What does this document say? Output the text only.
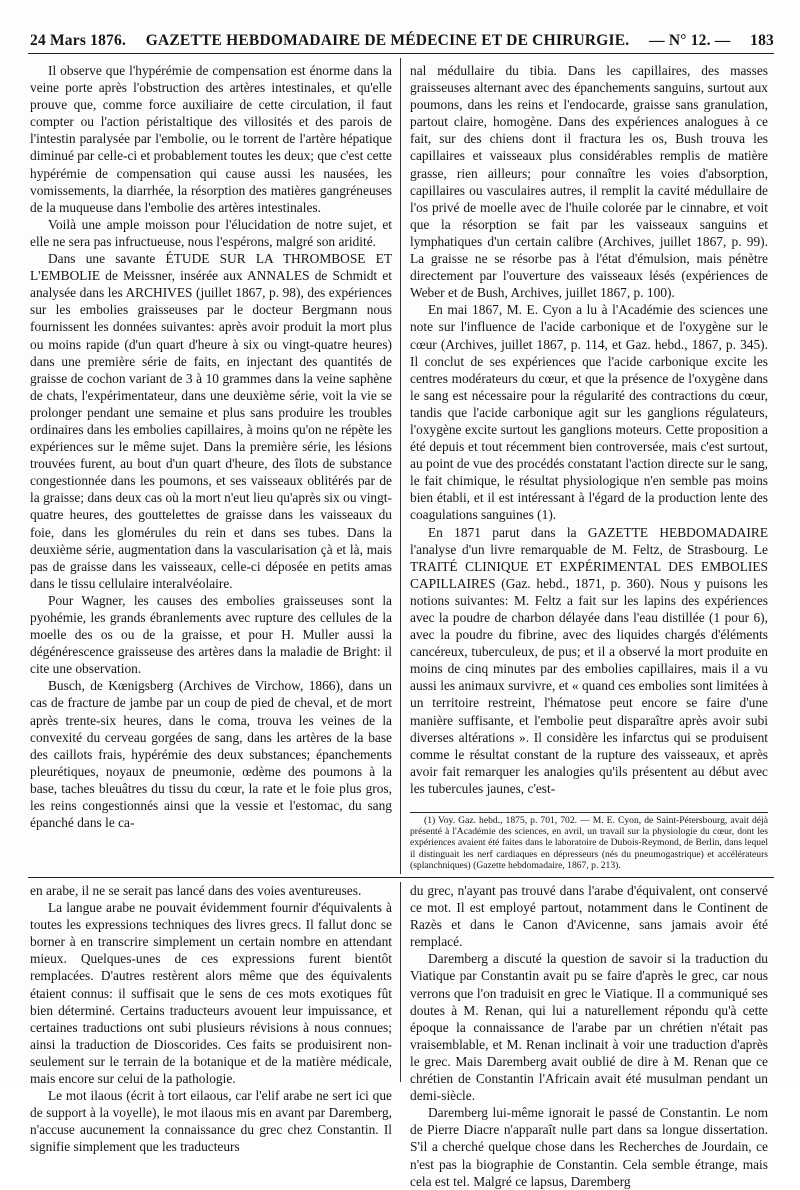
24 Mars 1876. GAZETTE HEBDOMADAIRE DE MÉDECINE ET DE CHIRURGIE. — N° 12. — 183

Il observe que l'hypérémie de compensation est énorme dans la veine porte après l'obstruction des artères intestinales, et qu'elle prouve que, comme force auxiliaire de cette circulation, il faut compter ou l'action péristaltique des villosités et des parois de l'intestin paralysée par l'embolie, ou le torrent de l'artère hépatique diminué par celle-ci et probablement toutes les deux; que c'est cette hypérémie de compensation qui cause aussi les nausées, les vomissements, la diarrhée, la résorption des matières gangréneuses de la muqueuse dans l'embolie des artères intestinales.

Voilà une ample moisson pour l'élucidation de notre sujet, et elle ne sera pas infructueuse, nous l'espérons, malgré son aridité.

Dans une savante ÉTUDE SUR LA THROMBOSE ET L'EMBOLIE de Meissner, insérée aux ANNALES de Schmidt et analysée dans les ARCHIVES (juillet 1867, p. 98), des expériences sur les embolies graisseuses par le docteur Bergmann nous fournissent les données suivantes: après avoir produit la mort plus ou moins rapide (d'un quart d'heure à six ou vingt-quatre heures) dans une première série de faits, en injectant des quantités de graisse de cochon variant de 3 à 10 grammes dans la veine saphène de chats, l'expérimentateur, dans une deuxième série, voit la vie se prolonger pendant une semaine et plus sans produire les troubles ordinaires dans les embolies capillaires, à moins qu'on ne répète les expériences sur le même sujet. Dans la première série, les lésions trouvées furent, au bout d'un quart d'heure, des îlots de substance congestionnée dans les poumons, et ses vaisseaux oblitérés par de la graisse; dans deux cas où la mort n'eut lieu qu'après six ou vingt-quatre heures, des gouttelettes de graisse dans les vaisseaux du foie, dans les glomérules du rein et dans ses tubes. Dans la deuxième série, augmentation dans la vascularisation çà et là, mais pas de graisse dans les vaisseaux, celle-ci déposée en petits amas dans le tissu cellulaire interalvéolaire.

Pour Wagner, les causes des embolies graisseuses sont la pyohémie, les grands ébranlements avec rupture des cellules de la moelle des os ou de la graisse, et pour H. Muller aussi la dégénérescence graisseuse des artères dans la maladie de Bright: il cite une observation.

Busch, de Kœnigsberg (Archives de Virchow, 1866), dans un cas de fracture de jambe par un coup de pied de cheval, et de mort après trente-six heures, dans le coma, trouva les veines de la convexité du cerveau gorgées de sang, dans les artères de la base des caillots frais, hypérémie des deux substances; épanchements pleurétiques, noyaux de pneumonie, œdème des poumons à la base, taches bleuâtres du tissu du cœur, la rate et le foie plus gros, les reins congestionnés ainsi que la vessie et l'estomac, du sang épanché dans le ca-

nal médullaire du tibia. Dans les capillaires, des masses graisseuses alternant avec des épanchements sanguins, surtout aux poumons, dans les reins et l'endocarde, graisse sans granulation, partout claire, homogène. Dans des expériences analogues à ce fait, sur des chiens dont il fractura les os, Bush trouva les capillaires et vaisseaux plus considérables remplis de matière grasse, rien ailleurs; pour connaître les voies d'absorption, capillaires ou vasculaires autres, il remplit la cavité médullaire de l'os privé de moelle avec de l'huile colorée par le cinnabre, et voit que la résorption se fait par les vaisseaux sanguins et lymphatiques d'un certain calibre (Archives, juillet 1867, p. 99). La graisse ne se résorbe pas à l'état d'émulsion, mais pénètre directement par l'ouverture des vaisseaux lésés (expériences de Weber et de Bush, Archives, juillet 1867, p. 100).

En mai 1867, M. E. Cyon a lu à l'Académie des sciences une note sur l'influence de l'acide carbonique et de l'oxygène sur le cœur (Archives, juillet 1867, p. 114, et Gaz. hebd., 1867, p. 345). Il conclut de ses expériences que l'acide carbonique excite les centres modérateurs du cœur, et que la présence de l'oxygène dans le sang est nécessaire pour la régularité des contractions du cœur, tandis que l'acide carbonique agit sur les ganglions régulateurs, l'oxygène excite surtout les ganglions moteurs. Cette proposition a été depuis et tout récemment bien controversée, mais c'est surtout, au point de vue des procédés constatant l'action directe sur le sang, le fait chimique, le résultat physiologique n'en semble pas moins bien établi, et il est intéressant à l'égard de la production lente des coagulations sanguines (1).

En 1871 parut dans la GAZETTE HEBDOMADAIRE l'analyse d'un livre remarquable de M. Feltz, de Strasbourg. Le TRAITÉ CLINIQUE ET EXPÉRIMENTAL DES EMBOLIES CAPILLAIRES (Gaz. hebd., 1871, p. 360). Nous y puisons les notions suivantes: M. Feltz a fait sur les lapins des expériences avec la poudre de charbon délayée dans l'eau distillée (1 pour 6), avec la poudre du fibrine, avec des liquides chargés d'éléments cancéreux, tuberculeux, de pus; et il a observé la mort produite en moins de cinq minutes par des embolies capillaires, mais il a vu aussi les animaux survivre, et « quand ces embolies sont limitées à un territoire restreint, l'hématose peut encore se faire d'une manière suffisante, et l'embolie peut disparaître après avoir subi diverses altérations ». Il considère les infarctus qui se produisent comme le résultat constant de la rupture des vaisseaux, et après avoir fait remarquer les analogies qu'ils présentent au début avec les tubercules jaunes, c'est-

(1) Voy. Gaz. hebd., 1875, p. 701, 702. — M. E. Cyon, de Saint-Pétersbourg, avait déjà présenté à l'Académie des sciences, en avril, un travail sur la physiologie du cœur, dont les expériences avaient été faites dans le laboratoire de Dubois-Reymond, de Berlin, dans lequel il distinguait les nerf cardiaques en dépresseurs (nés du pneumogastrique) et accélérateurs (splanchniques) (Gazette hebdomadaire, 1867, p. 213).

en arabe, il ne se serait pas lancé dans des voies aventureuses.

La langue arabe ne pouvait évidemment fournir d'équivalents à toutes les expressions techniques des livres grecs. Il fallut donc se borner à en transcrire simplement un certain nombre en attendant mieux. Quelques-unes de ces expressions furent bientôt remplacées. D'autres restèrent alors même que des équivalents étaient connus: il suffisait que le sens de ces mots exotiques fût bien déterminé. Certains traducteurs avouent leur impuissance, et certaines traductions ont subi plusieurs révisions à nous connues; ainsi la traduction de Dioscorides. Ces faits se produisirent non-seulement sur le terrain de la botanique et de la matière médicale, mais encore sur celui de la pathologie.

Le mot ilaous (écrit à tort eilaous, car l'elif arabe ne sert ici que de support à la voyelle), le mot ilaous mis en avant par Daremberg, n'accuse aucunement la connaissance du grec chez Constantin. Il signifie simplement que les traducteurs

du grec, n'ayant pas trouvé dans l'arabe d'équivalent, ont conservé ce mot. Il est employé partout, notamment dans le Continent de Razès et dans le Canon d'Avicenne, sans jamais avoir été remplacé.

Daremberg a discuté la question de savoir si la traduction du Viatique par Constantin avait pu se faire d'après le grec, car nous verrons que l'on traduisit en grec le Viatique. Il a communiqué ses doutes à M. Renan, qui lui a naturellement répondu qu'à cette époque la connaissance de l'arabe par un chrétien n'était pas vraisemblable, et M. Renan inclinait à voir une traduction d'après le grec. Mais Daremberg avait oublié de dire à M. Renan que ce chrétien de Constantin l'Africain avait été musulman pendant un demi-siècle.

Daremberg lui-même ignorait le passé de Constantin. Le nom de Pierre Diacre n'apparaît nulle part dans sa longue dissertation. S'il a cherché quelque chose dans les Recherches de Jourdain, ce n'est pas la biographie de Constantin. Cela semble étrange, mais cela est tel. Malgré ce lapsus, Daremberg
